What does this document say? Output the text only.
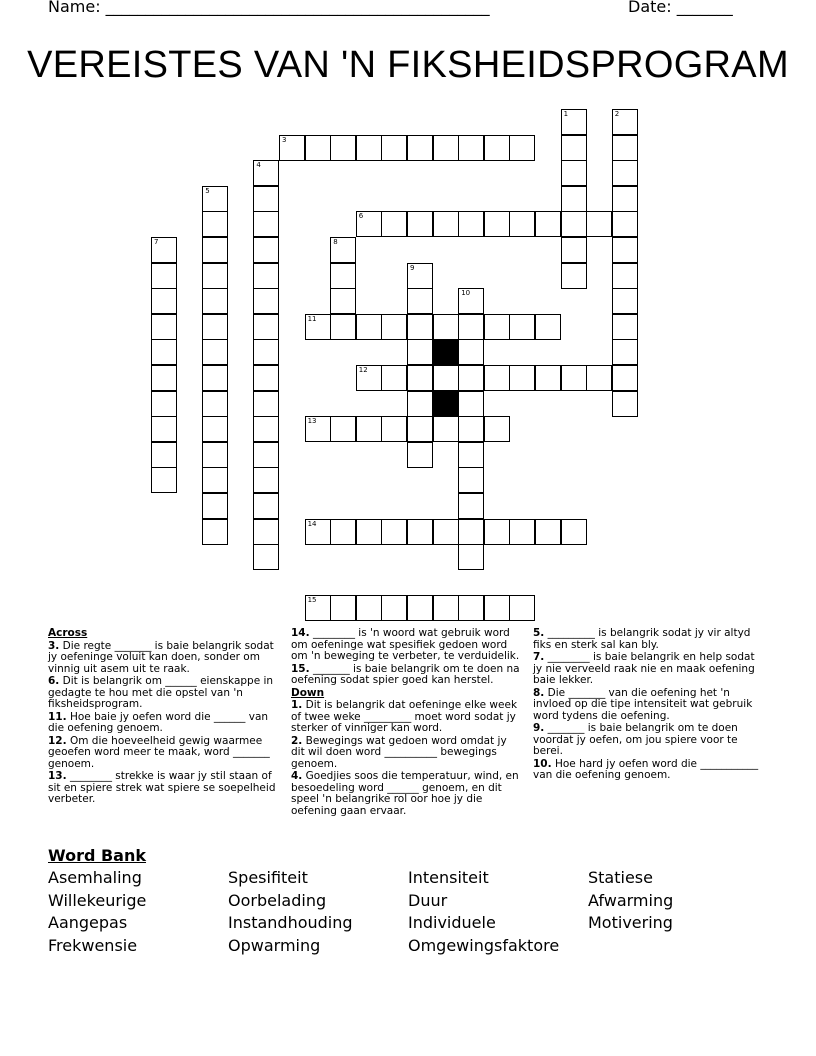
Name: ________________________________________________	Date: _______
VEREISTES VAN 'N FIKSHEIDSPROGRAM
1	2
3
4
5
6
7	8
9
10
11
12
13
14
15
Across
3. Die regte _______ is baie belangrik sodat jy oefeninge voluit kan doen, sonder om vinnig uit asem uit te raak.
6. Dit is belangrik om ______ eienskappe in gedagte te hou met die opstel van 'n fiksheidsprogram.
11. Hoe baie jy oefen word die ______ van die oefening genoem.
12. Om die hoeveelheid gewig waarmee geoefen word meer te maak, word _______ genoem.
13. ________ strekke is waar jy stil staan of sit en spiere strek wat spiere se soepelheid verbeter.
14. ________ is 'n woord wat gebruik word om oefeninge wat spesifiek gedoen word om 'n beweging te verbeter, te verduidelik.
15. _______ is baie belangrik om te doen na oefening sodat spier goed kan herstel.
Down
1. Dit is belangrik dat oefeninge elke week of twee weke _________ moet word sodat jy sterker of vinniger kan word.
2. Bewegings wat gedoen word omdat jy dit wil doen word __________ bewegings genoem.
4. Goedjies soos die temperatuur, wind, en besoedeling word ______ genoem, en dit speel 'n belangrike rol oor hoe jy die oefening gaan ervaar.
5. _________ is belangrik sodat jy vir altyd fiks en sterk sal kan bly.
7. ________ is baie belangrik en help sodat jy nie verveeld raak nie en maak oefening baie lekker.
8. Die _______ van die oefening het 'n invloed op die tipe intensiteit wat gebruik word tydens die oefening.
9. _______ is baie belangrik om te doen voordat jy oefen, om jou spiere voor te berei.
10. Hoe hard jy oefen word die ___________ van die oefening genoem.
Word Bank
Asemhaling	Spesifiteit	Intensiteit	Statiese
Willekeurige	Oorbelading	Duur	Afwarming
Aangepas	Instandhouding	Individuele	Motivering
Frekwensie	Opwarming	Omgewingsfaktore
